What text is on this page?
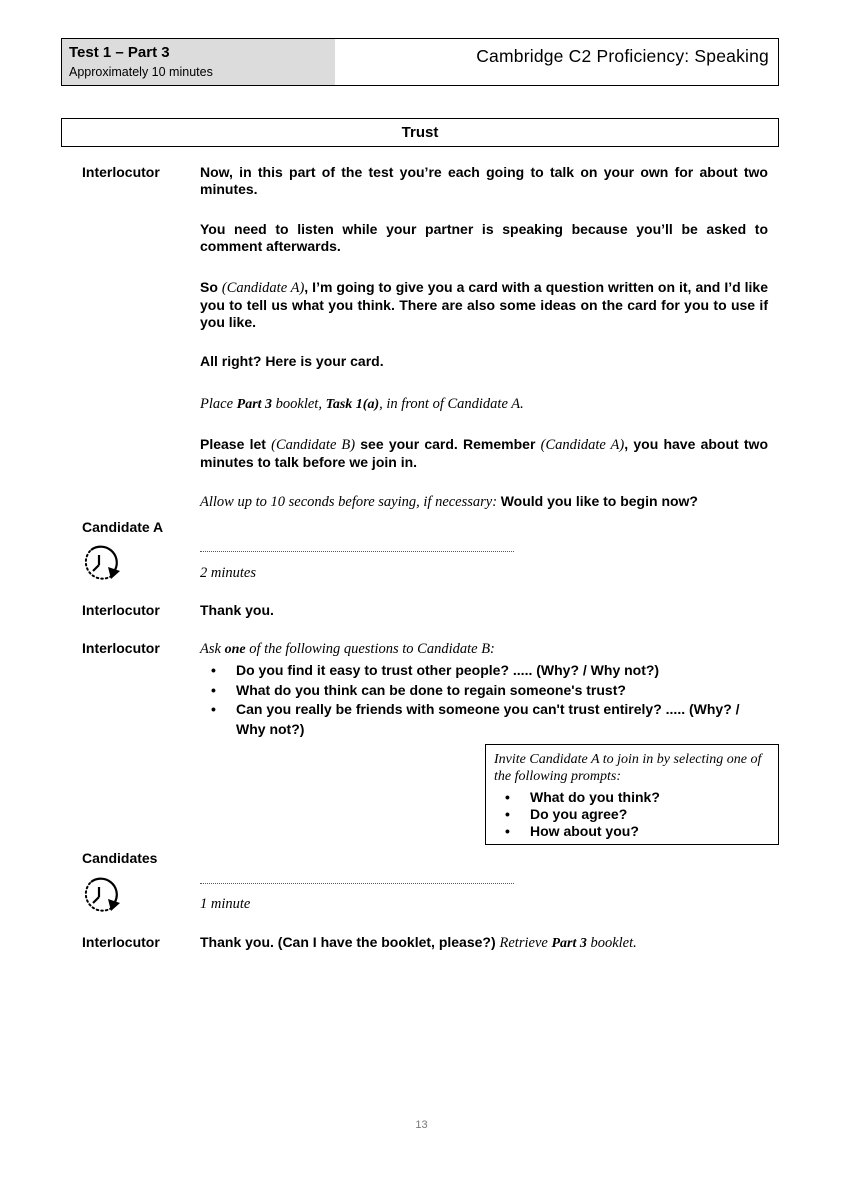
Test 1 – Part 3
Approximately 10 minutes
Cambridge C2 Proficiency: Speaking
Trust
Interlocutor	Now, in this part of the test you’re each going to talk on your own for about two minutes.
You need to listen while your partner is speaking because you’ll be asked to comment afterwards.
So (Candidate A), I’m going to give you a card with a question written on it, and I’d like you to tell us what you think. There are also some ideas on the card for you to use if you like.
All right? Here is your card.
Place Part 3 booklet, Task 1(a), in front of Candidate A.
Please let (Candidate B) see your card. Remember (Candidate A), you have about two minutes to talk before we join in.
Allow up to 10 seconds before saying, if necessary: Would you like to begin now?
Candidate A
2 minutes
Interlocutor	Thank you.
Interlocutor	Ask one of the following questions to Candidate B:
• Do you find it easy to trust other people? ..... (Why? / Why not?)
• What do you think can be done to regain someone's trust?
• Can you really be friends with someone you can't trust entirely? ..... (Why? / Why not?)
Invite Candidate A to join in by selecting one of the following prompts:
• What do you think?
• Do you agree?
• How about you?
Candidates
1 minute
Interlocutor	Thank you. (Can I have the booklet, please?) Retrieve Part 3 booklet.
13
